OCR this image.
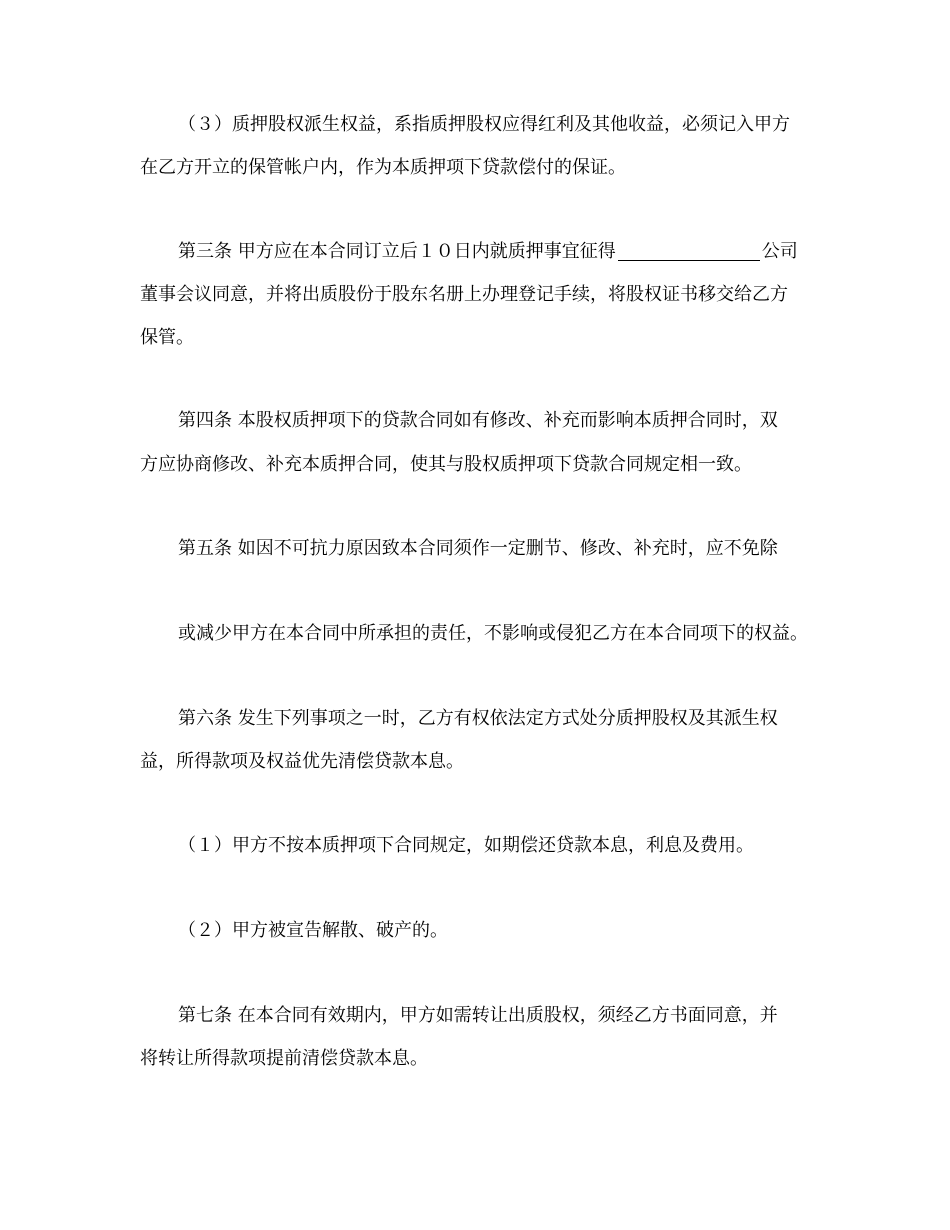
（３）质押股权派生权益，系指质押股权应得红利及其他收益，必须记入甲方
在乙方开立的保管帐户内，作为本质押项下贷款偿付的保证。
第三条 甲方应在本合同订立后１０日内就质押事宜征得	公司
董事会议同意，并将出质股份于股东名册上办理登记手续，将股权证书移交给乙方
保管。
第四条 本股权质押项下的贷款合同如有修改、补充而影响本质押合同时，双
方应协商修改、补充本质押合同，使其与股权质押项下贷款合同规定相一致。
第五条 如因不可抗力原因致本合同须作一定删节、修改、补充时，应不免除
或减少甲方在本合同中所承担的责任，不影响或侵犯乙方在本合同项下的权益。
第六条 发生下列事项之一时，乙方有权依法定方式处分质押股权及其派生权
益，所得款项及权益优先清偿贷款本息。
（１）甲方不按本质押项下合同规定，如期偿还贷款本息，利息及费用。
（２）甲方被宣告解散、破产的。
第七条 在本合同有效期内，甲方如需转让出质股权，须经乙方书面同意，并
将转让所得款项提前清偿贷款本息。
